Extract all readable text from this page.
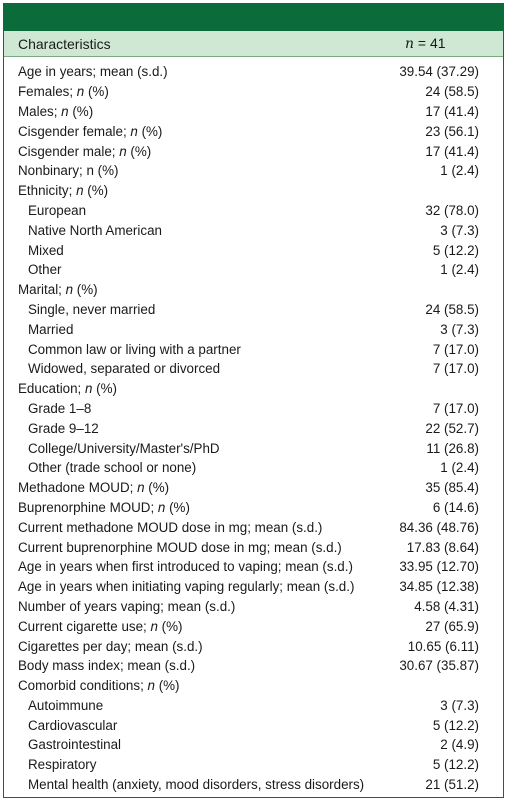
Characteristics	n = 41
Age in years; mean (s.d.)	39.54 (37.29)
Females; n (%)	24 (58.5)
Males; n (%)	17 (41.4)
Cisgender female; n (%)	23 (56.1)
Cisgender male; n (%)	17 (41.4)
Nonbinary; n (%)	1 (2.4)
Ethnicity; n (%)
European	32 (78.0)
Native North American	3 (7.3)
Mixed	5 (12.2)
Other	1 (2.4)
Marital; n (%)
Single, never married	24 (58.5)
Married	3 (7.3)
Common law or living with a partner	7 (17.0)
Widowed, separated or divorced	7 (17.0)
Education; n (%)
Grade 1–8	7 (17.0)
Grade 9–12	22 (52.7)
College/University/Master's/PhD	11 (26.8)
Other (trade school or none)	1 (2.4)
Methadone MOUD; n (%)	35 (85.4)
Buprenorphine MOUD; n (%)	6 (14.6)
Current methadone MOUD dose in mg; mean (s.d.)	84.36 (48.76)
Current buprenorphine MOUD dose in mg; mean (s.d.)	17.83 (8.64)
Age in years when first introduced to vaping; mean (s.d.)	33.95 (12.70)
Age in years when initiating vaping regularly; mean (s.d.)	34.85 (12.38)
Number of years vaping; mean (s.d.)	4.58 (4.31)
Current cigarette use; n (%)	27 (65.9)
Cigarettes per day; mean (s.d.)	10.65 (6.11)
Body mass index; mean (s.d.)	30.67 (35.87)
Comorbid conditions; n (%)
Autoimmune	3 (7.3)
Cardiovascular	5 (12.2)
Gastrointestinal	2 (4.9)
Respiratory	5 (12.2)
Mental health (anxiety, mood disorders, stress disorders)	21 (51.2)
